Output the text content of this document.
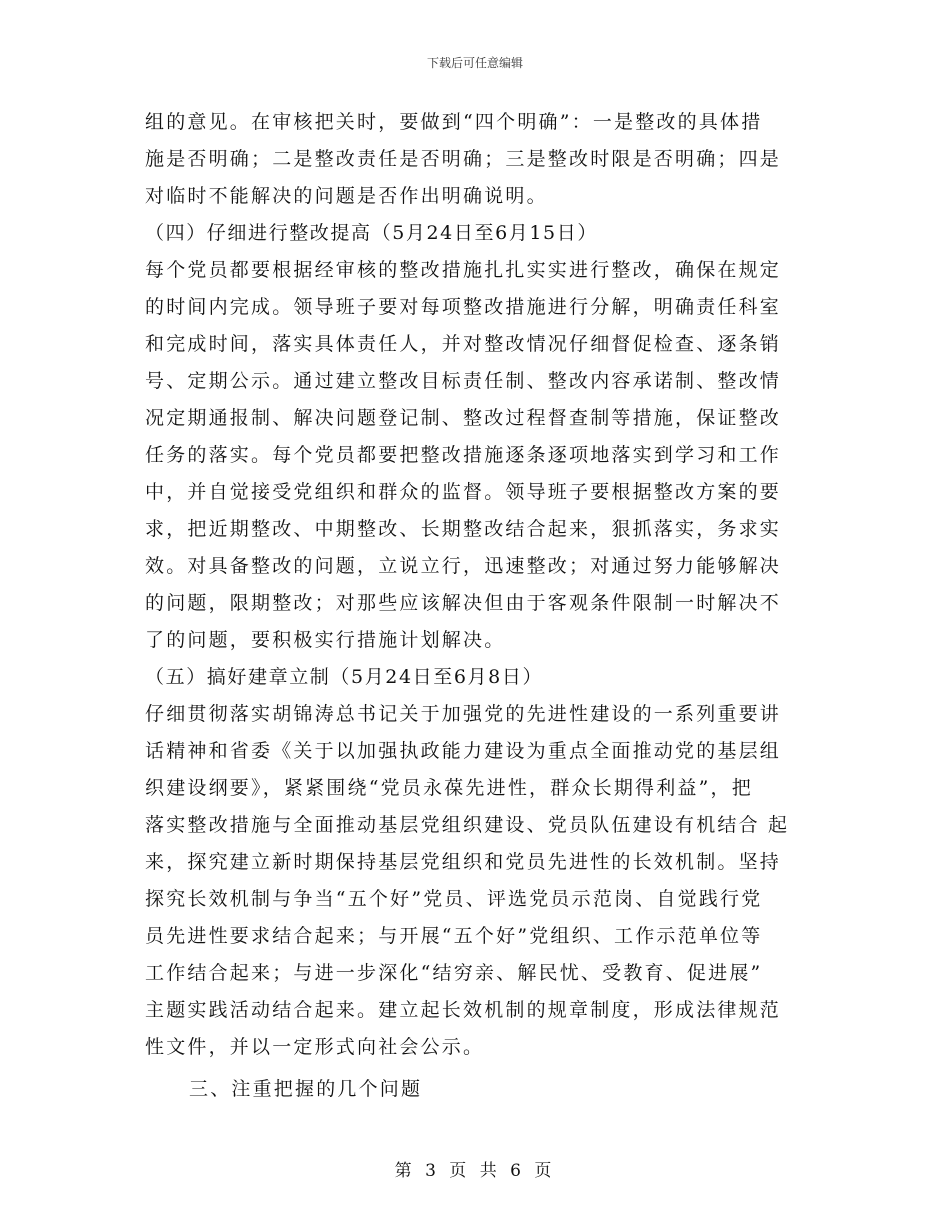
下载后可任意编辑
组的意见。在审核把关时，要做到“四个明确”：一是整改的具体措
施是否明确；二是整改责任是否明确；三是整改时限是否明确；四是
对临时不能解决的问题是否作出明确说明。
（四）仔细进行整改提高（5月24日至6月15日）
每个党员都要根据经审核的整改措施扎扎实实进行整改，确保在规定
的时间内完成。领导班子要对每项整改措施进行分解，明确责任科室
和完成时间，落实具体责任人，并对整改情况仔细督促检查、逐条销
号、定期公示。通过建立整改目标责任制、整改内容承诺制、整改情
况定期通报制、解决问题登记制、整改过程督查制等措施，保证整改
任务的落实。每个党员都要把整改措施逐条逐项地落实到学习和工作
中，并自觉接受党组织和群众的监督。领导班子要根据整改方案的要
求，把近期整改、中期整改、长期整改结合起来，狠抓落实，务求实
效。对具备整改的问题，立说立行，迅速整改；对通过努力能够解决
的问题，限期整改；对那些应该解决但由于客观条件限制一时解决不
了的问题，要积极实行措施计划解决。
（五）搞好建章立制（5月24日至6月8日）
仔细贯彻落实胡锦涛总书记关于加强党的先进性建设的一系列重要讲
话精神和省委《关于以加强执政能力建设为重点全面推动党的基层组
织建设纲要》，紧紧围绕“党员永葆先进性，群众长期得利益”，把
落实整改措施与全面推动基层党组织建设、党员队伍建设有机结合 起
来，探究建立新时期保持基层党组织和党员先进性的长效机制。坚持
探究长效机制与争当“五个好”党员、评选党员示范岗、自觉践行党
员先进性要求结合起来；与开展“五个好”党组织、工作示范单位等
工作结合起来；与进一步深化“结穷亲、解民忧、受教育、促进展”
主题实践活动结合起来。建立起长效机制的规章制度，形成法律规范
性文件，并以一定形式向社会公示。
三、注重把握的几个问题
第 3 页 共 6 页
